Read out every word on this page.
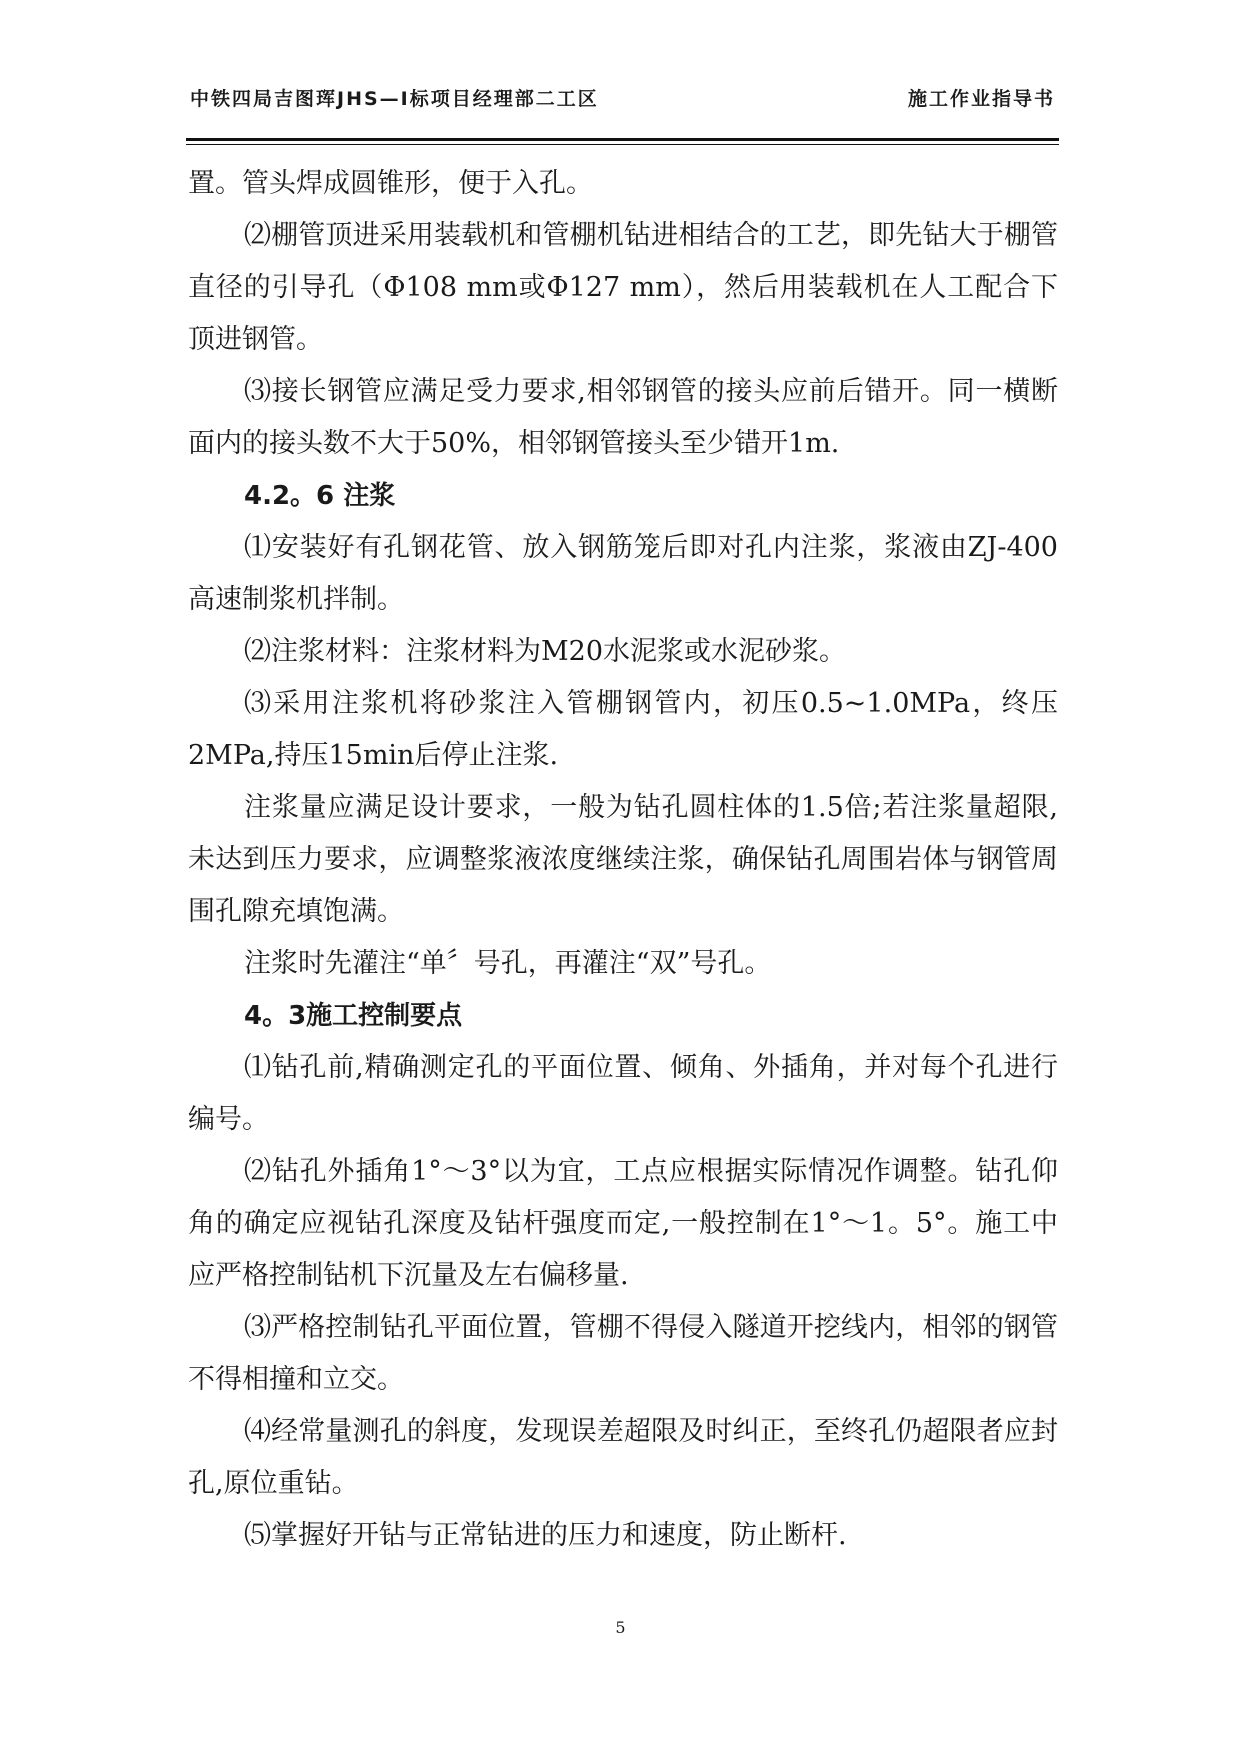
中铁四局吉图珲JHS—Ⅰ标项目经理部二工区	施工作业指导书

置。管头焊成圆锥形，便于入孔。

⑵棚管顶进采用装载机和管棚机钻进相结合的工艺，即先钻大于棚管直径的引导孔（Φ108 mm或Φ127 mm），然后用装载机在人工配合下顶进钢管。

⑶接长钢管应满足受力要求,相邻钢管的接头应前后错开。同一横断面内的接头数不大于50%，相邻钢管接头至少错开1m.

4.2。6 注浆

⑴安装好有孔钢花管、放入钢筋笼后即对孔内注浆，浆液由ZJ-400高速制浆机拌制。

⑵注浆材料：注浆材料为M20水泥浆或水泥砂浆。

⑶采用注浆机将砂浆注入管棚钢管内，初压0.5~1.0MPa，终压2MPa,持压15min后停止注浆.

注浆量应满足设计要求，一般为钻孔圆柱体的1.5倍;若注浆量超限,未达到压力要求，应调整浆液浓度继续注浆，确保钻孔周围岩体与钢管周围孔隙充填饱满。

注浆时先灌注“单〞号孔，再灌注“双”号孔。

4。3施工控制要点

⑴钻孔前,精确测定孔的平面位置、倾角、外插角，并对每个孔进行编号。

⑵钻孔外插角1°～3°以为宜，工点应根据实际情况作调整。钻孔仰角的确定应视钻孔深度及钻杆强度而定,一般控制在1°～1。5°。施工中应严格控制钻机下沉量及左右偏移量.

⑶严格控制钻孔平面位置，管棚不得侵入隧道开挖线内，相邻的钢管不得相撞和立交。

⑷经常量测孔的斜度，发现误差超限及时纠正，至终孔仍超限者应封孔,原位重钻。

⑸掌握好开钻与正常钻进的压力和速度，防止断杆.

5
